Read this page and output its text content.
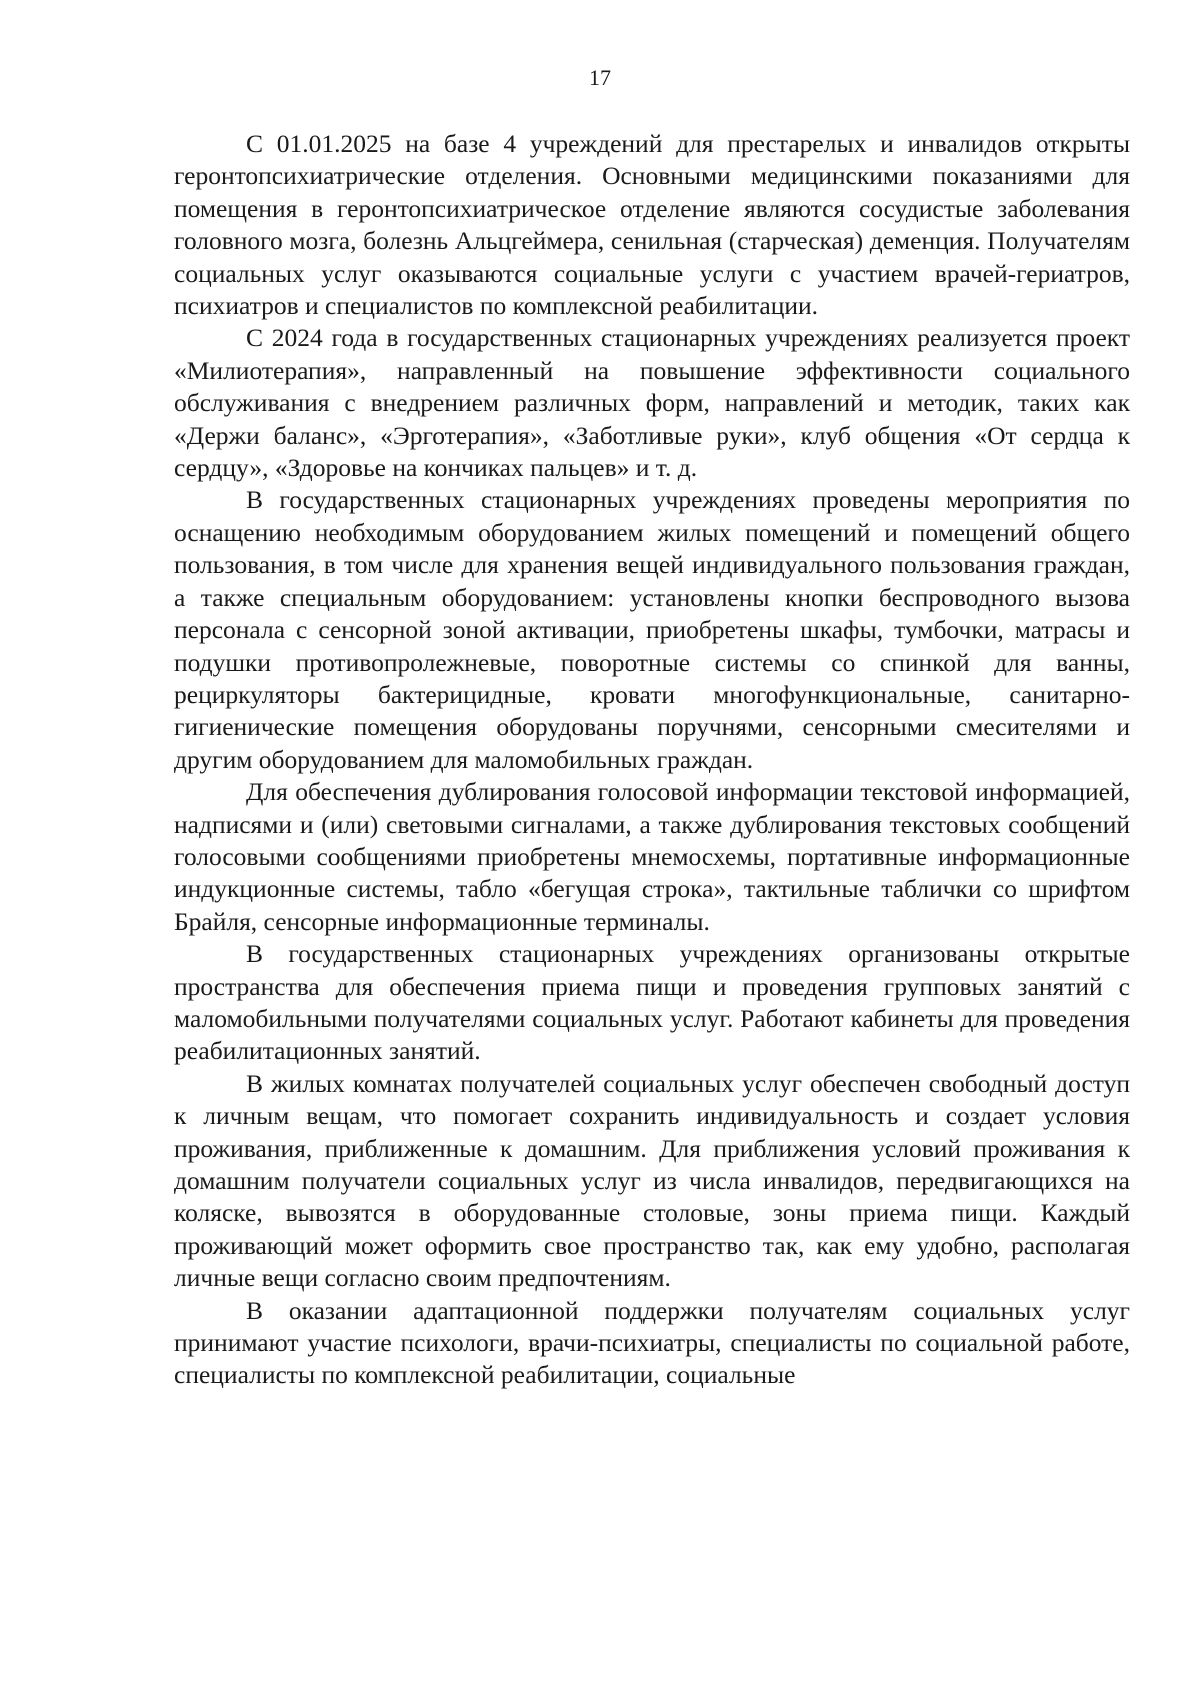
17

С 01.01.2025 на базе 4 учреждений для престарелых и инвалидов открыты геронтопсихиатрические отделения. Основными медицинскими показаниями для помещения в геронтопсихиатрическое отделение являются сосудистые заболевания головного мозга, болезнь Альцгеймера, сенильная (старческая) деменция. Получателям социальных услуг оказываются социальные услуги с участием врачей-гериатров, психиатров и специалистов по комплексной реабилитации.

С 2024 года в государственных стационарных учреждениях реализуется проект «Милиотерапия», направленный на повышение эффективности социального обслуживания с внедрением различных форм, направлений и методик, таких как «Держи баланс», «Эрготерапия», «Заботливые руки», клуб общения «От сердца к сердцу», «Здоровье на кончиках пальцев» и т. д.

В государственных стационарных учреждениях проведены мероприятия по оснащению необходимым оборудованием жилых помещений и помещений общего пользования, в том числе для хранения вещей индивидуального пользования граждан, а также специальным оборудованием: установлены кнопки беспроводного вызова персонала с сенсорной зоной активации, приобретены шкафы, тумбочки, матрасы и подушки противопролежневые, поворотные системы со спинкой для ванны, рециркуляторы бактерицидные, кровати многофункциональные, санитарно-гигиенические помещения оборудованы поручнями, сенсорными смесителями и другим оборудованием для маломобильных граждан.

Для обеспечения дублирования голосовой информации текстовой информацией, надписями и (или) световыми сигналами, а также дублирования текстовых сообщений голосовыми сообщениями приобретены мнемосхемы, портативные информационные индукционные системы, табло «бегущая строка», тактильные таблички со шрифтом Брайля, сенсорные информационные терминалы.

В государственных стационарных учреждениях организованы открытые пространства для обеспечения приема пищи и проведения групповых занятий с маломобильными получателями социальных услуг. Работают кабинеты для проведения реабилитационных занятий.

В жилых комнатах получателей социальных услуг обеспечен свободный доступ к личным вещам, что помогает сохранить индивидуальность и создает условия проживания, приближенные к домашним. Для приближения условий проживания к домашним получатели социальных услуг из числа инвалидов, передвигающихся на коляске, вывозятся в оборудованные столовые, зоны приема пищи. Каждый проживающий может оформить свое пространство так, как ему удобно, располагая личные вещи согласно своим предпочтениям.

В оказании адаптационной поддержки получателям социальных услуг принимают участие психологи, врачи-психиатры, специалисты по социальной работе, специалисты по комплексной реабилитации, социальные
